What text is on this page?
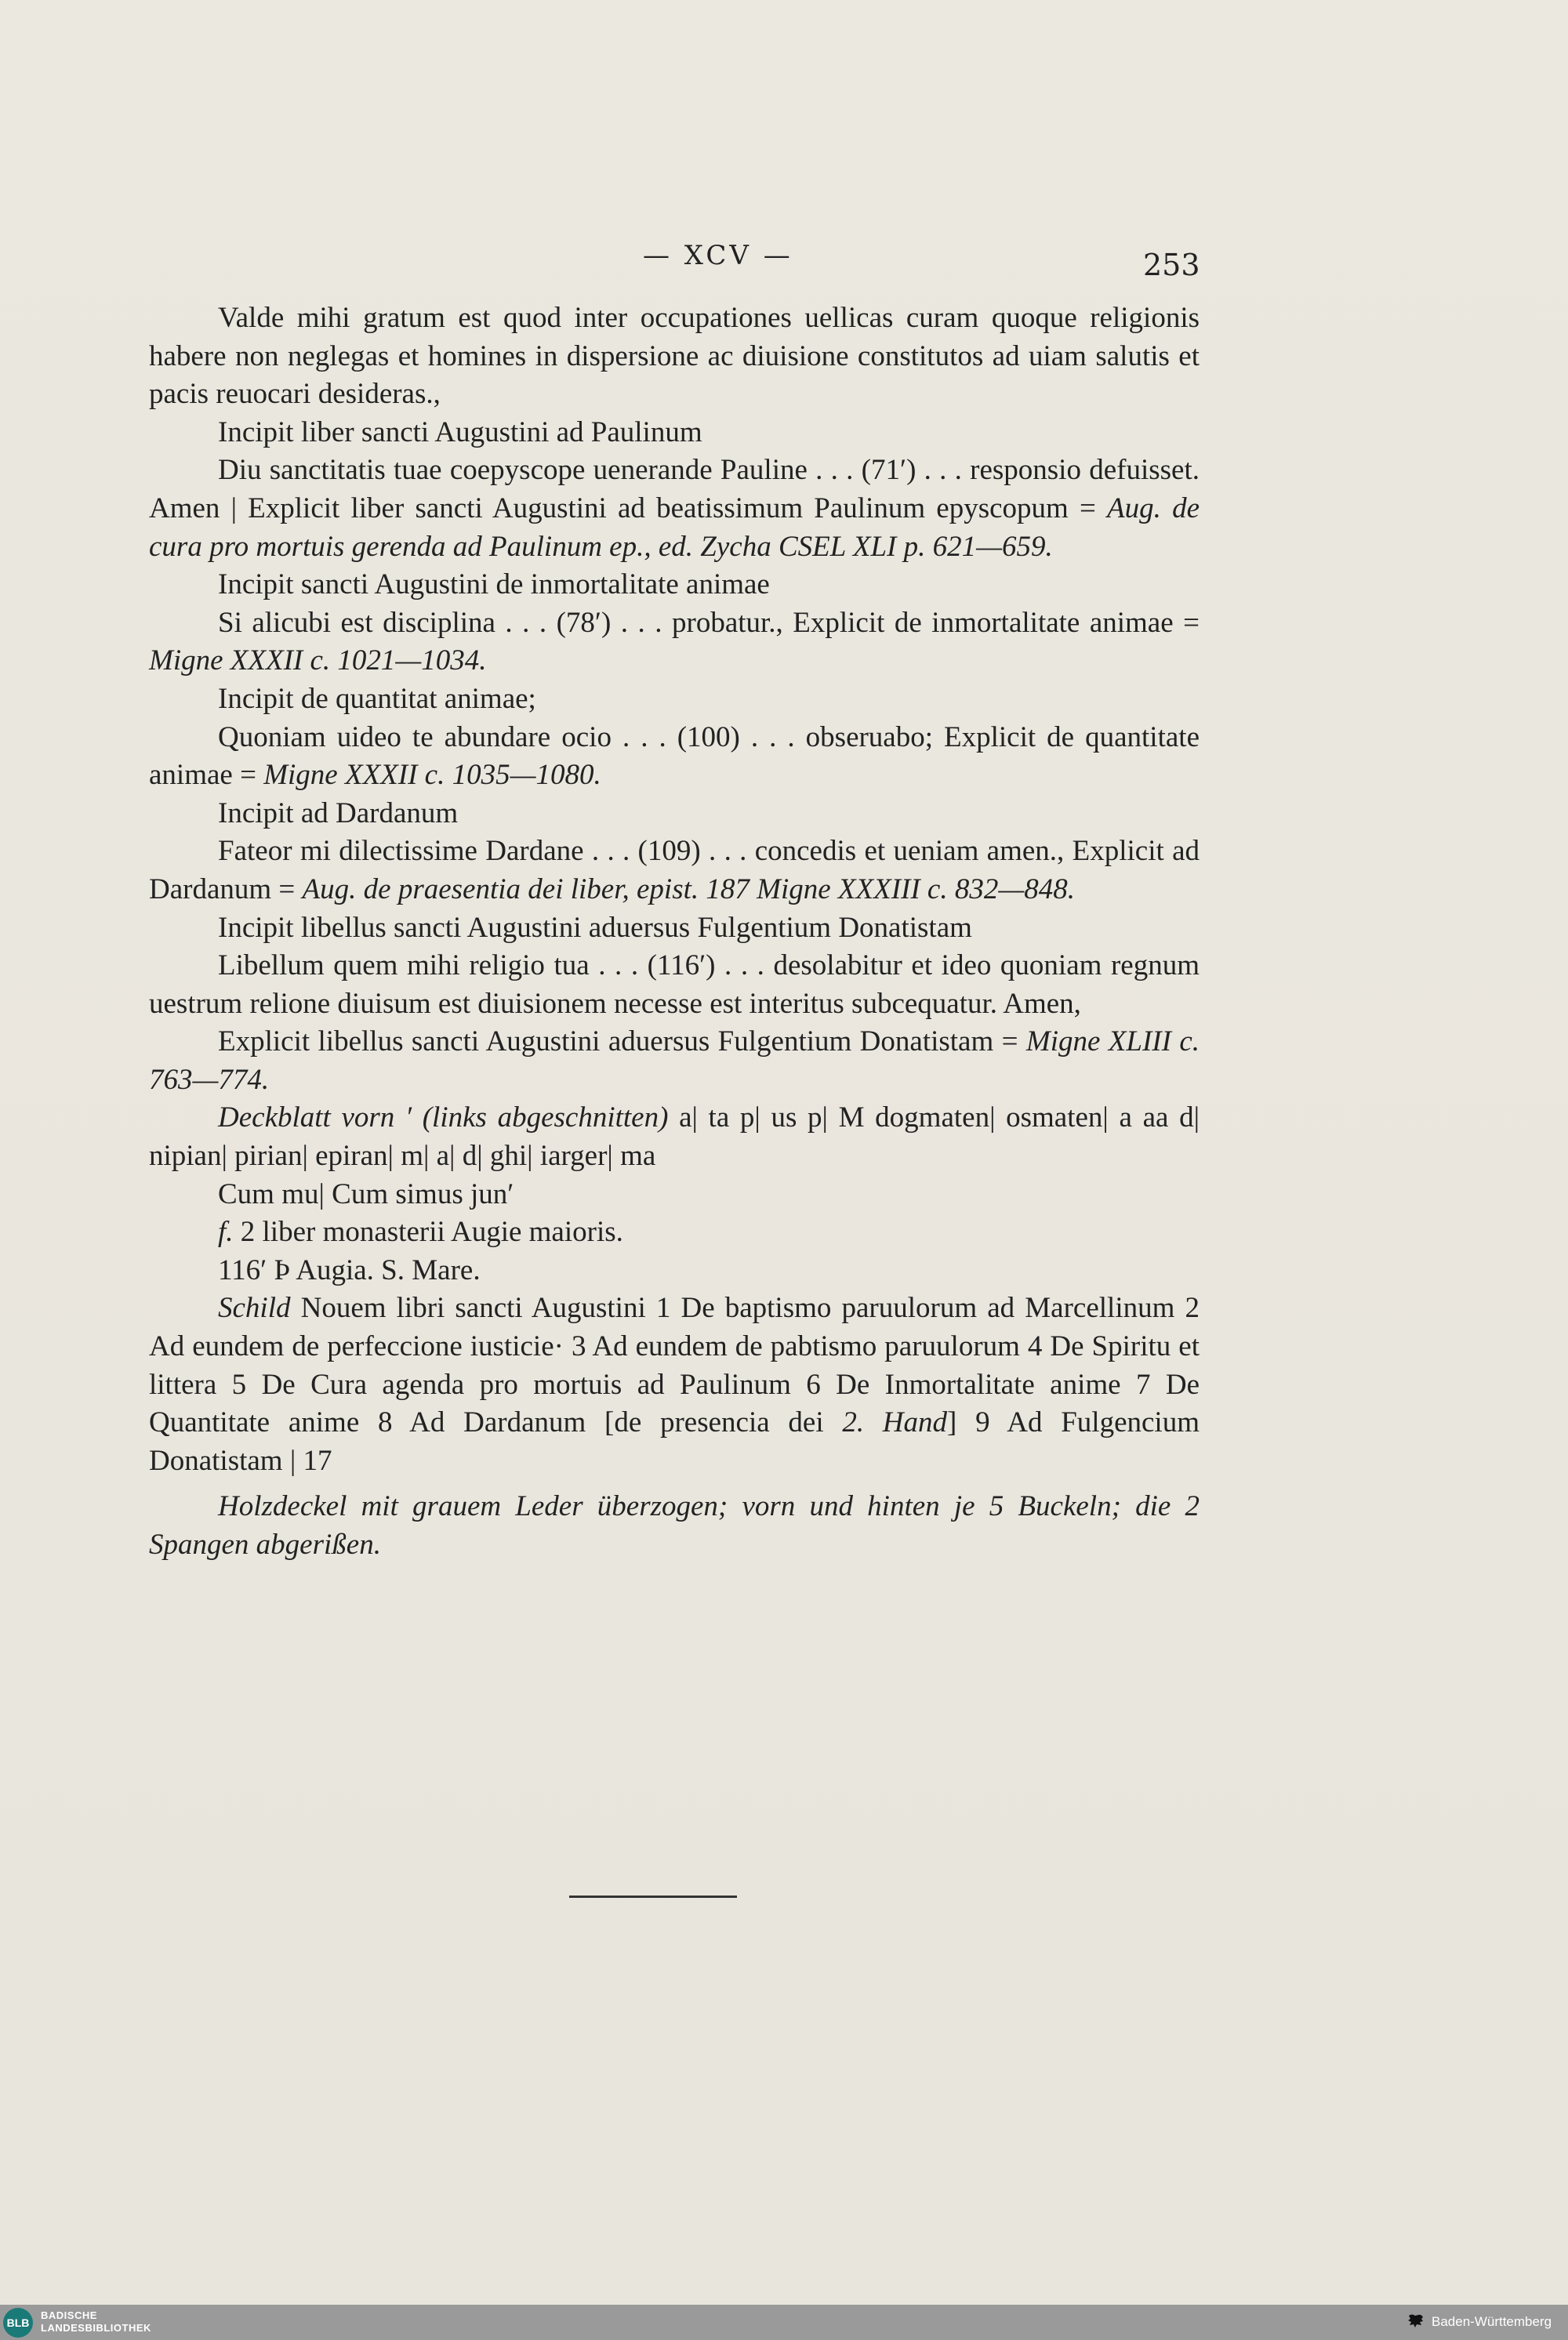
— XCV —	253

Valde mihi gratum est quod inter occupationes uellicas curam quoque religionis habere non neglegas et homines in dispersione ac diuisione constitutos ad uiam salutis et pacis reuocari desideras.,

Incipit liber sancti Augustini ad Paulinum

Diu sanctitatis tuae coepyscope uenerande Pauline . . . (71′) . . . responsio defuisset. Amen | Explicit liber sancti Augustini ad beatissimum Paulinum epyscopum = Aug. de cura pro mortuis gerenda ad Paulinum ep., ed. Zycha CSEL XLI p. 621—659.

Incipit sancti Augustini de inmortalitate animae

Si alicubi est disciplina . . . (78′) . . . probatur., Explicit de inmortalitate animae = Migne XXXII c. 1021—1034.

Incipit de quantitat animae;

Quoniam uideo te abundare ocio . . . (100) . . . obseruabo; Explicit de quantitate animae = Migne XXXII c. 1035—1080.

Incipit ad Dardanum

Fateor mi dilectissime Dardane . . . (109) . . . concedis et ueniam amen., Explicit ad Dardanum = Aug. de praesentia dei liber, epist. 187 Migne XXXIII c. 832—848.

Incipit libellus sancti Augustini aduersus Fulgentium Donatistam

Libellum quem mihi religio tua . . . (116′) . . . desolabitur et ideo quoniam regnum uestrum relione diuisum est diuisionem necesse est interitus subcequatur. Amen,

Explicit libellus sancti Augustini aduersus Fulgentium Donatistam = Migne XLIII c. 763—774.

Deckblatt vorn ′ (links abgeschnitten) a| ta p| us p| M dogmaten| osmaten| a aa d| nipian| pirian| epiran| m| a| d| ghi| iarger| ma

Cum mu| Cum simus jun′

f. 2 liber monasterii Augie maioris.

116′ Þ Augia. S. Mare.

Schild Nouem libri sancti Augustini 1 De baptismo paruulorum ad Marcellinum 2 Ad eundem de perfeccione iusticie· 3 Ad eundem de pabtismo paruulorum 4 De Spiritu et littera 5 De Cura agenda pro mortuis ad Paulinum 6 De Inmortalitate anime 7 De Quantitate anime 8 Ad Dardanum [de presencia dei 2. Hand] 9 Ad Fulgencium Donatistam | 17

Holzdeckel mit grauem Leder überzogen; vorn und hinten je 5 Buckeln; die 2 Spangen abgerißen.

BLB
BADISCHE
LANDESBIBLIOTHEK	Baden-Württemberg
